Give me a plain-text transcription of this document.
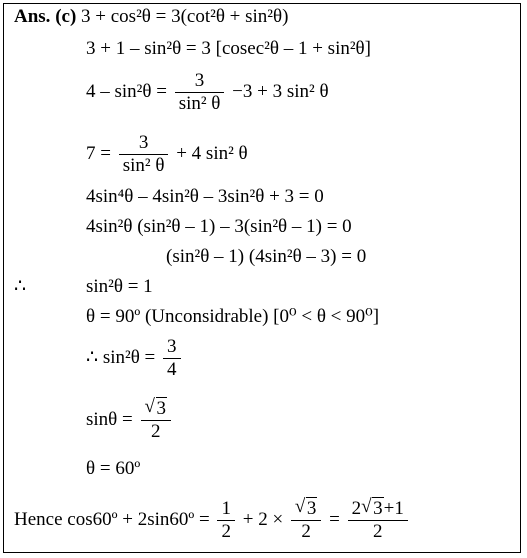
Ans. (c) 3 + cos²θ = 3(cot²θ + sin²θ)
3 + 1 – sin²θ = 3 [cosec²θ – 1 + sin²θ]
$4 - \sin^2\theta = \frac{3}{\text{sin² θ}} -3 + 3$ sin² θ
$7 = \frac{3}{\text{sin² θ}} + 4$ sin² θ
4sin⁴θ – 4sin²θ – 3sin²θ + 3 = 0
4sin²θ (sin²θ – 1) – 3(sin²θ – 1) = 0
(sin²θ – 1) (4sin²θ – 3) = 0
∴	sin²θ = 1
θ = 90º (Unconsidrable) [0⁰ < θ < 90⁰]
∴ $\sin^2\theta = \frac{3}{4}$
$\sin\theta = \frac{√ 3}{2}$
θ = 60º
Hence cos60º + 2sin60º = $\frac{1}{2} + 2 \times \frac{√ 3}{2} = \frac{2 √ 3+1}{2}$
